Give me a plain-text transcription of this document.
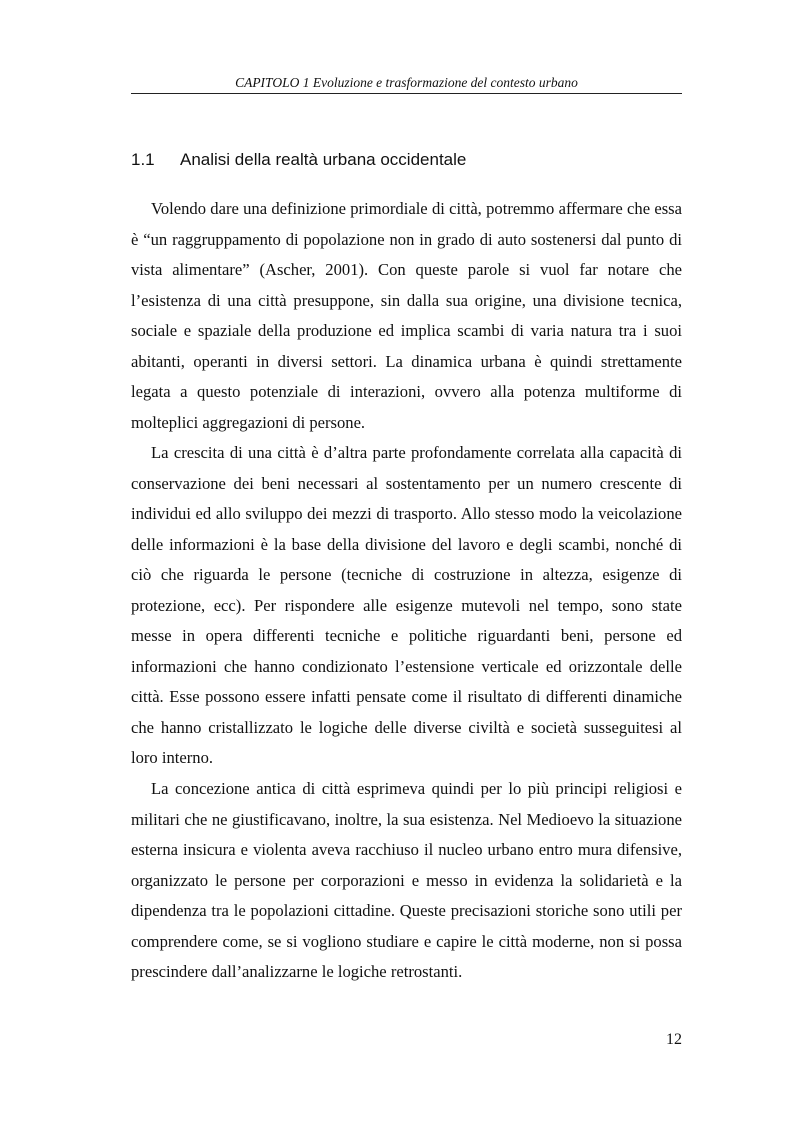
CAPITOLO 1 Evoluzione e trasformazione del contesto urbano
1.1 Analisi della realtà urbana occidentale

Volendo dare una definizione primordiale di città, potremmo affermare che essa è “un raggruppamento di popolazione non in grado di auto sostenersi dal punto di vista alimentare” (Ascher, 2001). Con queste parole si vuol far notare che l’esistenza di una città presuppone, sin dalla sua origine, una divisione tecnica, sociale e spaziale della produzione ed implica scambi di varia natura tra i suoi abitanti, operanti in diversi settori. La dinamica urbana è quindi strettamente legata a questo potenziale di interazioni, ovvero alla potenza multiforme di molteplici aggregazioni di persone.

La crescita di una città è d’altra parte profondamente correlata alla capacità di conservazione dei beni necessari al sostentamento per un numero crescente di individui ed allo sviluppo dei mezzi di trasporto. Allo stesso modo la veicolazione delle informazioni è la base della divisione del lavoro e degli scambi, nonché di ciò che riguarda le persone (tecniche di costruzione in altezza, esigenze di protezione, ecc). Per rispondere alle esigenze mutevoli nel tempo, sono state messe in opera differenti tecniche e politiche riguardanti beni, persone ed informazioni che hanno condizionato l’estensione verticale ed orizzontale delle città. Esse possono essere infatti pensate come il risultato di differenti dinamiche che hanno cristallizzato le logiche delle diverse civiltà e società susseguitesi al loro interno.

La concezione antica di città esprimeva quindi per lo più principi religiosi e militari che ne giustificavano, inoltre, la sua esistenza. Nel Medioevo la situazione esterna insicura e violenta aveva racchiuso il nucleo urbano entro mura difensive, organizzato le persone per corporazioni e messo in evidenza la solidarietà e la dipendenza tra le popolazioni cittadine. Queste precisazioni storiche sono utili per comprendere come, se si vogliono studiare e capire le città moderne, non si possa prescindere dall’analizzarne le logiche retrostanti.

12
